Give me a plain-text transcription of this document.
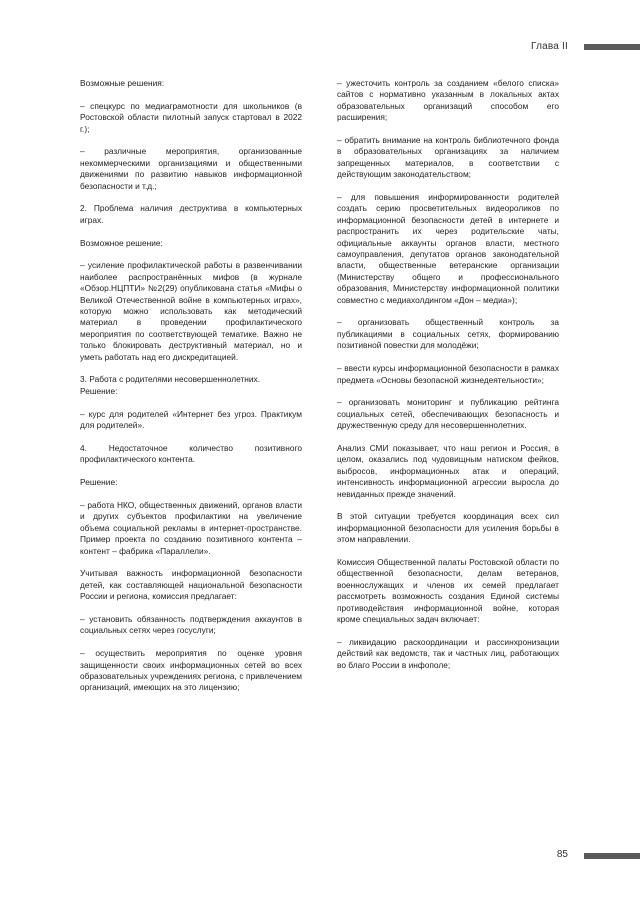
Глава II

Возможные решения:

– спецкурс по медиаграмотности для школьников (в Ростовской области пилотный запуск стартовал в 2022 г.);

– различные мероприятия, организованные некоммерческими организациями и общественными движениями по развитию навыков информационной безопасности и т.д.;

2. Проблема наличия деструктива в компьютерных играх.

Возможное решение:

– усиление профилактической работы в развенчивании наиболее распространённых мифов (в журнале «Обзор.НЦПТИ» №2(29) опубликована статья «Мифы о Великой Отечественной войне в компьютерных играх», которую можно использовать как методический материал в проведении профилактического мероприятия по соответствующей тематике. Важно не только блокировать деструктивный материал, но и уметь работать над его дискредитацией.

3. Работа с родителями несовершеннолетних.

Решение:

– курс для родителей «Интернет без угроз. Практикум для родителей».

4. Недостаточное количество позитивного профилактического контента.

Решение:

– работа НКО, общественных движений, органов власти и других субъектов профилактики на увеличение объема социальной рекламы в интернет-пространстве. Пример проекта по созданию позитивного контента – контент – фабрика «Параллели».

Учитывая важность информационной безопасности детей, как составляющей национальной безопасности России и региона, комиссия предлагает:

– установить обязанность подтверждения аккаунтов в социальных сетях через госуслуги;

– осуществить мероприятия по оценке уровня защищенности своих информационных сетей во всех образовательных учреждениях региона, с привлечением организаций, имеющих на это лицензию;

– ужесточить контроль за созданием «белого списка» сайтов с нормативно указанным в локальных актах образовательных организаций способом его расширения;

– обратить внимание на контроль библиотечного фонда в образовательных организациях за наличием запрещенных материалов, в соответствии с действующим законодательством;

– для повышения информированности родителей создать серию просветительных видеороликов по информационной безопасности детей в интернете и распространить их через родительские чаты, официальные аккаунты органов власти, местного самоуправления, депутатов органов законодательной власти, общественные ветеранские организации (Министерству общего и профессионального образования, Министерству информационной политики совместно с медиахолдингом «Дон – медиа»);

– организовать общественный контроль за публикациями в социальных сетях, формированию позитивной повестки для молодёжи;

– ввести курсы информационной безопасности в рамках предмета «Основы безопасной жизнедеятельности»;

– организовать мониторинг и публикацию рейтинга социальных сетей, обеспечивающих безопасность и дружественную среду для несовершеннолетних.

Анализ СМИ показывает, что наш регион и Россия, в целом, оказались под чудовищным натиском фейков, выбросов, информационных атак и операций, интенсивность информационной агрессии выросла до невиданных прежде значений.

В этой ситуации требуется координация всех сил информационной безопасности для усиления борьбы в этом направлении.

Комиссия Общественной палаты Ростовской области по общественной безопасности, делам ветеранов, военнослужащих и членов их семей предлагает рассмотреть возможность создания Единой системы противодействия информационной войне, которая кроме специальных задач включает:

– ликвидацию раскоординации и рассинхронизации действий как ведомств, так и частных лиц, работающих во благо России в инфополе;

85
